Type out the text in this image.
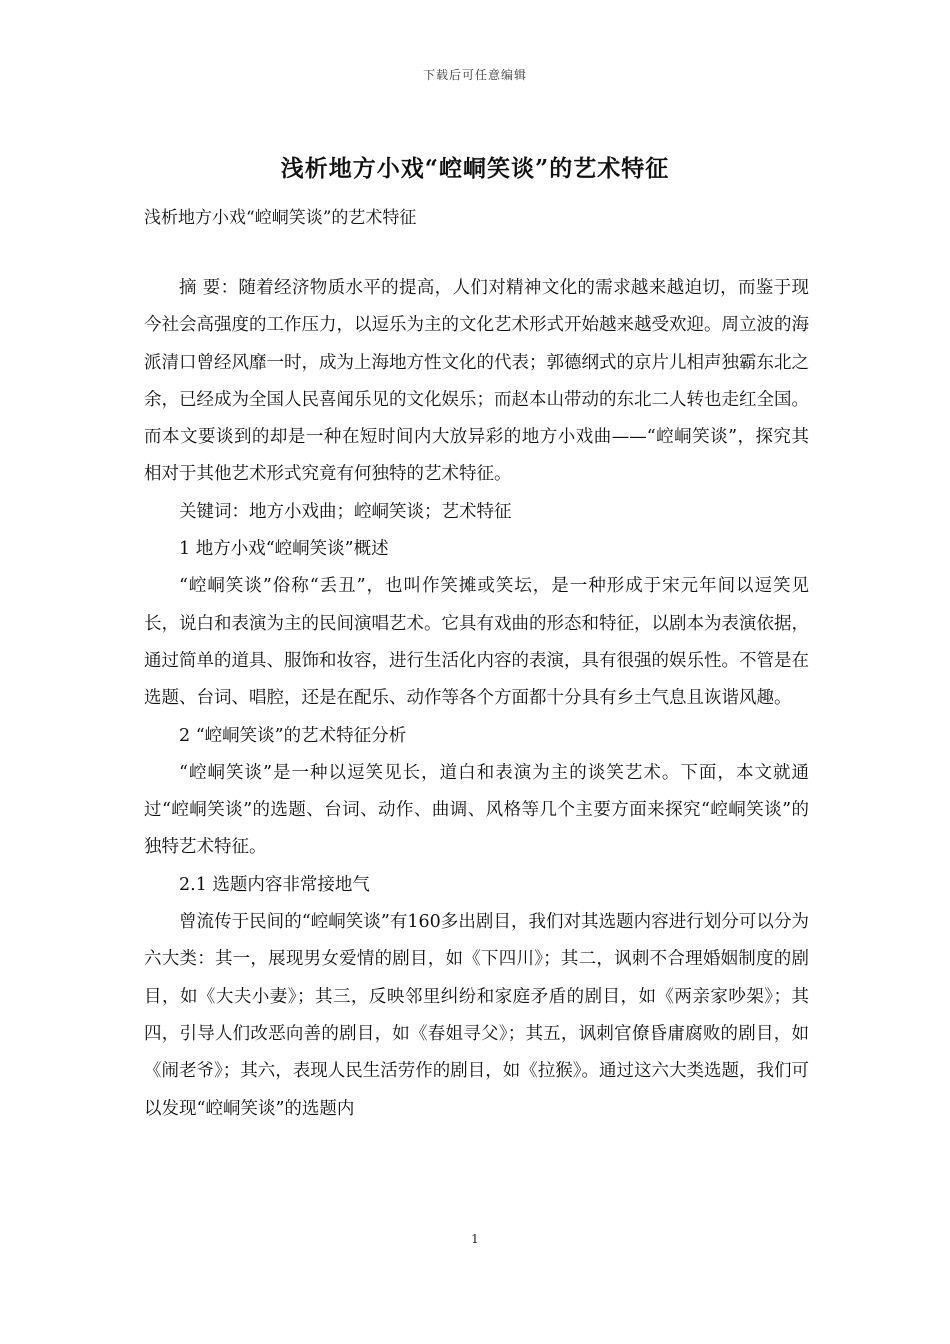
下载后可任意编辑
浅析地方小戏“崆峒笑谈”的艺术特征
浅析地方小戏“崆峒笑谈”的艺术特征

摘 要：随着经济物质水平的提高，人们对精神文化的需求越来越迫切，而鉴于现今社会高强度的工作压力，以逗乐为主的文化艺术形式开始越来越受欢迎。周立波的海派清口曾经风靡一时，成为上海地方性文化的代表；郭德纲式的京片儿相声独霸东北之余，已经成为全国人民喜闻乐见的文化娱乐；而赵本山带动的东北二人转也走红全国。而本文要谈到的却是一种在短时间内大放异彩的地方小戏曲——“崆峒笑谈”，探究其相对于其他艺术形式究竟有何独特的艺术特征。

关键词：地方小戏曲；崆峒笑谈；艺术特征

1 地方小戏“崆峒笑谈”概述

“崆峒笑谈”俗称“丢丑”，也叫作笑摊或笑坛，是一种形成于宋元年间以逗笑见长，说白和表演为主的民间演唱艺术。它具有戏曲的形态和特征，以剧本为表演依据，通过简单的道具、服饰和妆容，进行生活化内容的表演，具有很强的娱乐性。不管是在选题、台词、唱腔，还是在配乐、动作等各个方面都十分具有乡土气息且诙谐风趣。

2 “崆峒笑谈”的艺术特征分析

“崆峒笑谈”是一种以逗笑见长，道白和表演为主的谈笑艺术。下面，本文就通过“崆峒笑谈”的选题、台词、动作、曲调、风格等几个主要方面来探究“崆峒笑谈”的独特艺术特征。

2.1 选题内容非常接地气

曾流传于民间的“崆峒笑谈”有160多出剧目，我们对其选题内容进行划分可以分为六大类：其一，展现男女爱情的剧目，如《下四川》；其二，讽刺不合理婚姻制度的剧目，如《大夫小妻》；其三，反映邻里纠纷和家庭矛盾的剧目，如《两亲家吵架》；其四，引导人们改恶向善的剧目，如《春姐寻父》；其五，讽刺官僚昏庸腐败的剧目，如《闹老爷》；其六，表现人民生活劳作的剧目，如《拉猴》。通过这六大类选题，我们可以发现“崆峒笑谈”的选题内

1
